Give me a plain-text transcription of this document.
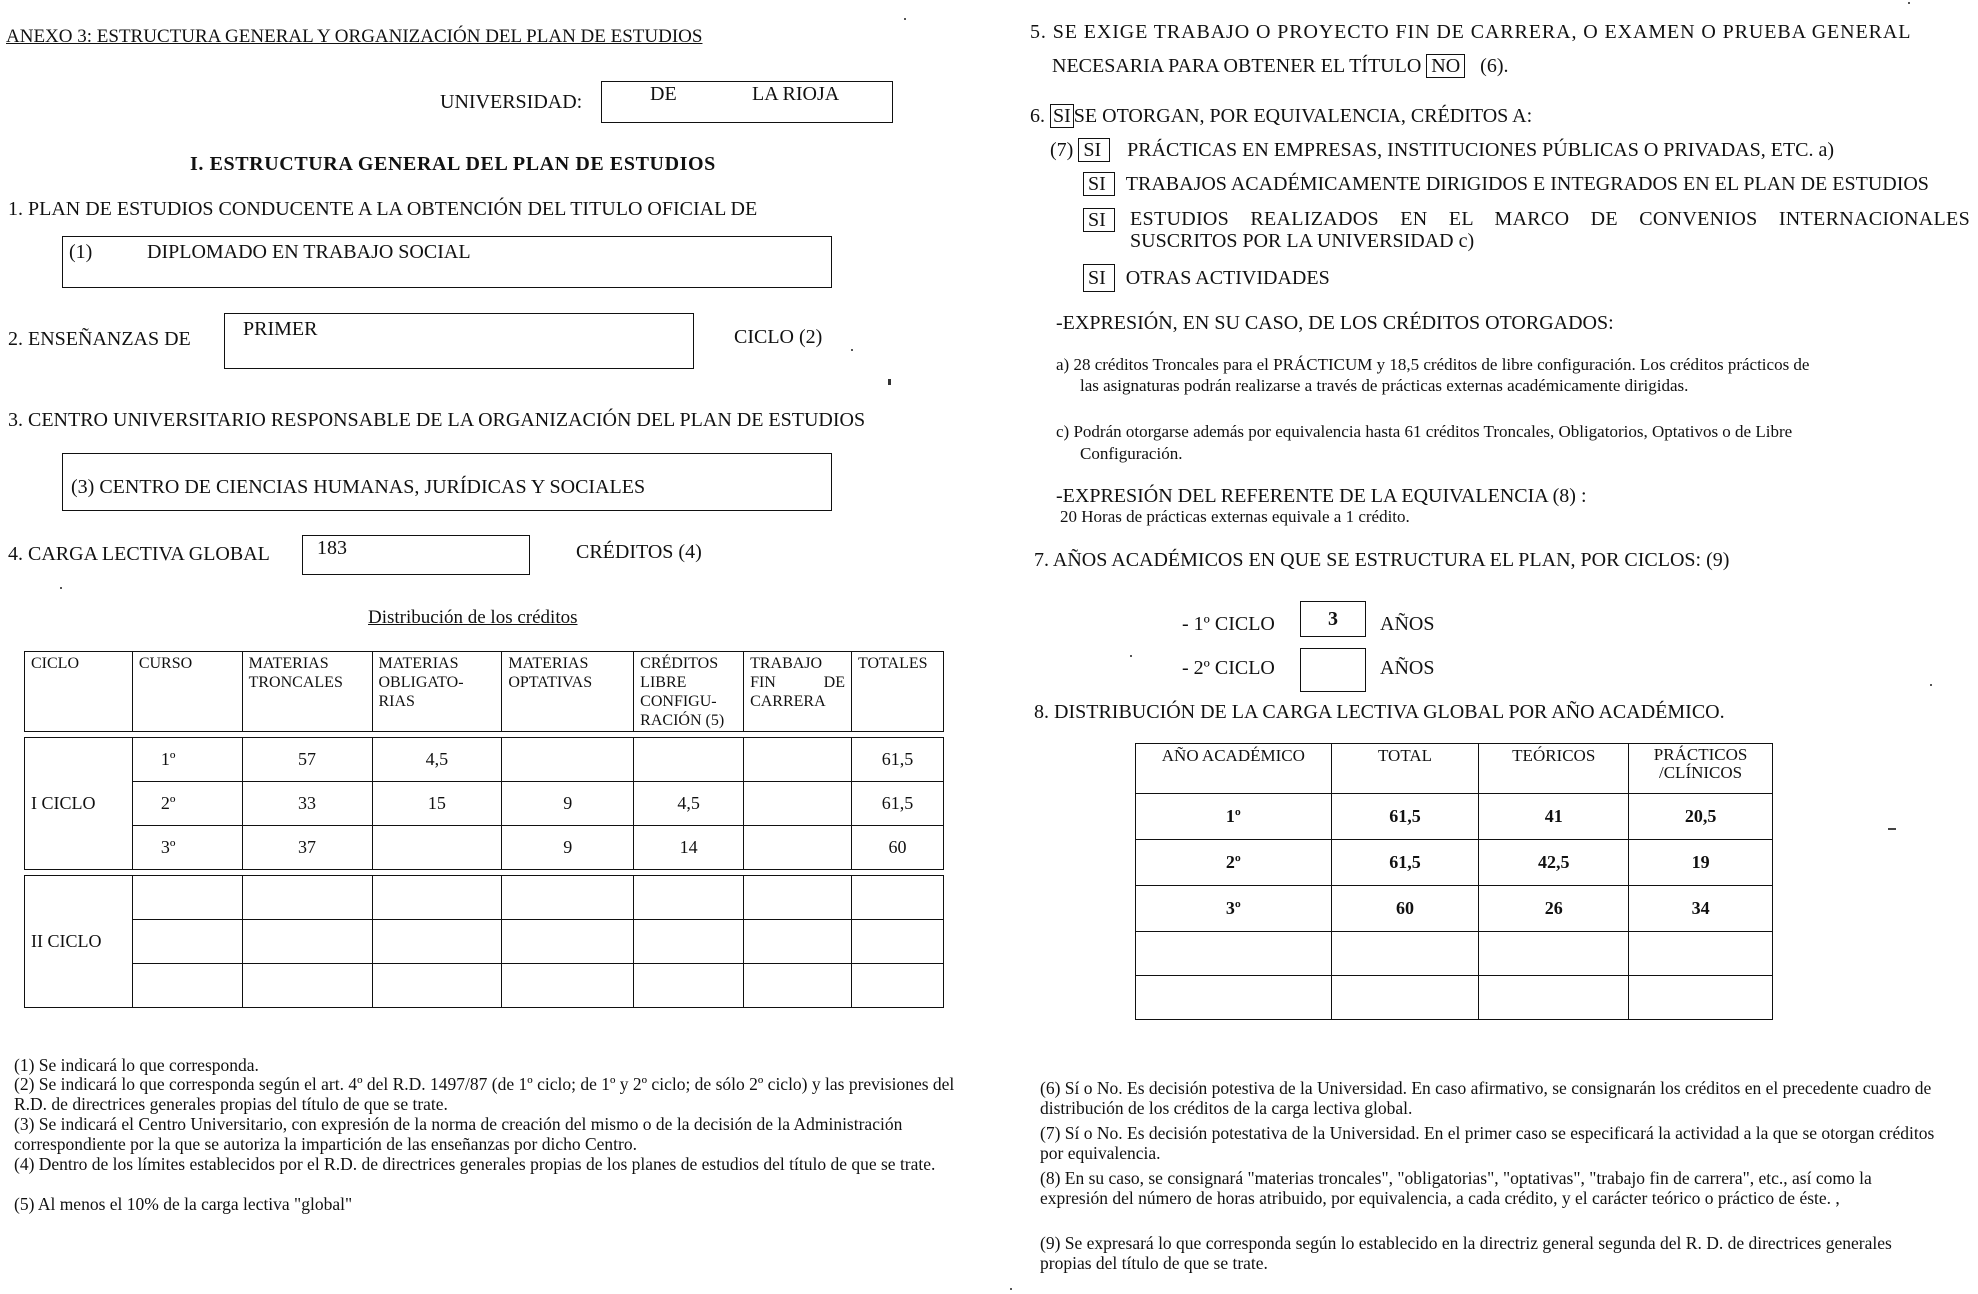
ANEXO 3: ESTRUCTURA GENERAL Y ORGANIZACIÓN DEL PLAN DE ESTUDIOS
UNIVERSIDAD:	DE	LA RIOJA
I. ESTRUCTURA GENERAL DEL PLAN DE ESTUDIOS
1. PLAN DE ESTUDIOS CONDUCENTE A LA OBTENCIÓN DEL TITULO OFICIAL DE
(1)	DIPLOMADO EN TRABAJO SOCIAL
2. ENSEÑANZAS DE	PRIMER	CICLO (2)
3. CENTRO UNIVERSITARIO RESPONSABLE DE LA ORGANIZACIÓN DEL PLAN DE ESTUDIOS
(3) CENTRO DE CIENCIAS HUMANAS, JURÍDICAS Y SOCIALES
4. CARGA LECTIVA GLOBAL 183	CRÉDITOS (4)
Distribución de los créditos
CICLO	CURSO	MATERIAS TRONCALES	MATERIAS OBLIGATO- RIAS	MATERIAS OPTATIVAS	CRÉDITOS LIBRE CONFIGU- RACIÓN (5)	TRABAJO FIN DE CARRERA	TOTALES

I CICLO	1º	57	4,5				61,5
	2º	33	15	9	4,5		61,5
	3º	37		9	14		60

II CICLO							

(1) Se indicará lo que corresponda.
(2) Se indicará lo que corresponda según el art. 4º del R.D. 1497/87 (de 1º ciclo; de 1º y 2º ciclo; de sólo 2º ciclo) y las previsiones del R.D. de directrices generales propias del título de que se trate.
(3) Se indicará el Centro Universitario, con expresión de la norma de creación del mismo o de la decisión de la Administración correspondiente por la que se autoriza la impartición de las enseñanzas por dicho Centro.
(4) Dentro de los límites establecidos por el R.D. de directrices generales propias de los planes de estudios del título de que se trate.
(5) Al menos el 10% de la carga lectiva "global"
5. SE EXIGE TRABAJO O PROYECTO FIN DE CARRERA, O EXAMEN O PRUEBA GENERAL
NECESARIA PARA OBTENER EL TÍTULO NO (6).
6. SI SE OTORGAN, POR EQUIVALENCIA, CRÉDITOS A:
(7) SI PRÁCTICAS EN EMPRESAS, INSTITUCIONES PÚBLICAS O PRIVADAS, ETC. a)
SI TRABAJOS ACADÉMICAMENTE DIRIGIDOS E INTEGRADOS EN EL PLAN DE ESTUDIOS
SI	ESTUDIOS REALIZADOS EN EL MARCO DE CONVENIOS INTERNACIONALES
SUSCRITOS POR LA UNIVERSIDAD c)
SI OTRAS ACTIVIDADES
-EXPRESIÓN, EN SU CASO, DE LOS CRÉDITOS OTORGADOS:
a) 28 créditos Troncales para el PRÁCTICUM y 18,5 créditos de libre configuración. Los créditos prácticos de
las asignaturas podrán realizarse a través de prácticas externas académicamente dirigidas.
c) Podrán otorgarse además por equivalencia hasta 61 créditos Troncales, Obligatorios, Optativos o de Libre
Configuración.
-EXPRESIÓN DEL REFERENTE DE LA EQUIVALENCIA (8) :
20 Horas de prácticas externas equivale a 1 crédito.
7. AÑOS ACADÉMICOS EN QUE SE ESTRUCTURA EL PLAN, POR CICLOS: (9)
- 1º CICLO	3	AÑOS
- 2º CICLO	AÑOS
8. DISTRIBUCIÓN DE LA CARGA LECTIVA GLOBAL POR AÑO ACADÉMICO.
AÑO ACADÉMICO	TOTAL	TEÓRICOS	PRÁCTICOS /CLÍNICOS
1º	61,5	41	20,5
2º	61,5	42,5	19
3º	60	26	34

(6) Sí o No. Es decisión potestiva de la Universidad. En caso afirmativo, se consignarán los créditos en el precedente cuadro de distribución de los créditos de la carga lectiva global.
(7) Sí o No. Es decisión potestativa de la Universidad. En el primer caso se especificará la actividad a la que se otorgan créditos por equivalencia.
(8) En su caso, se consignará "materias troncales", "obligatorias", "optativas", "trabajo fin de carrera", etc., así como la expresión del número de horas atribuido, por equivalencia, a cada crédito, y el carácter teórico o práctico de éste. ,
(9) Se expresará lo que corresponda según lo establecido en la directriz general segunda del R. D. de directrices generales propias del título de que se trate.
